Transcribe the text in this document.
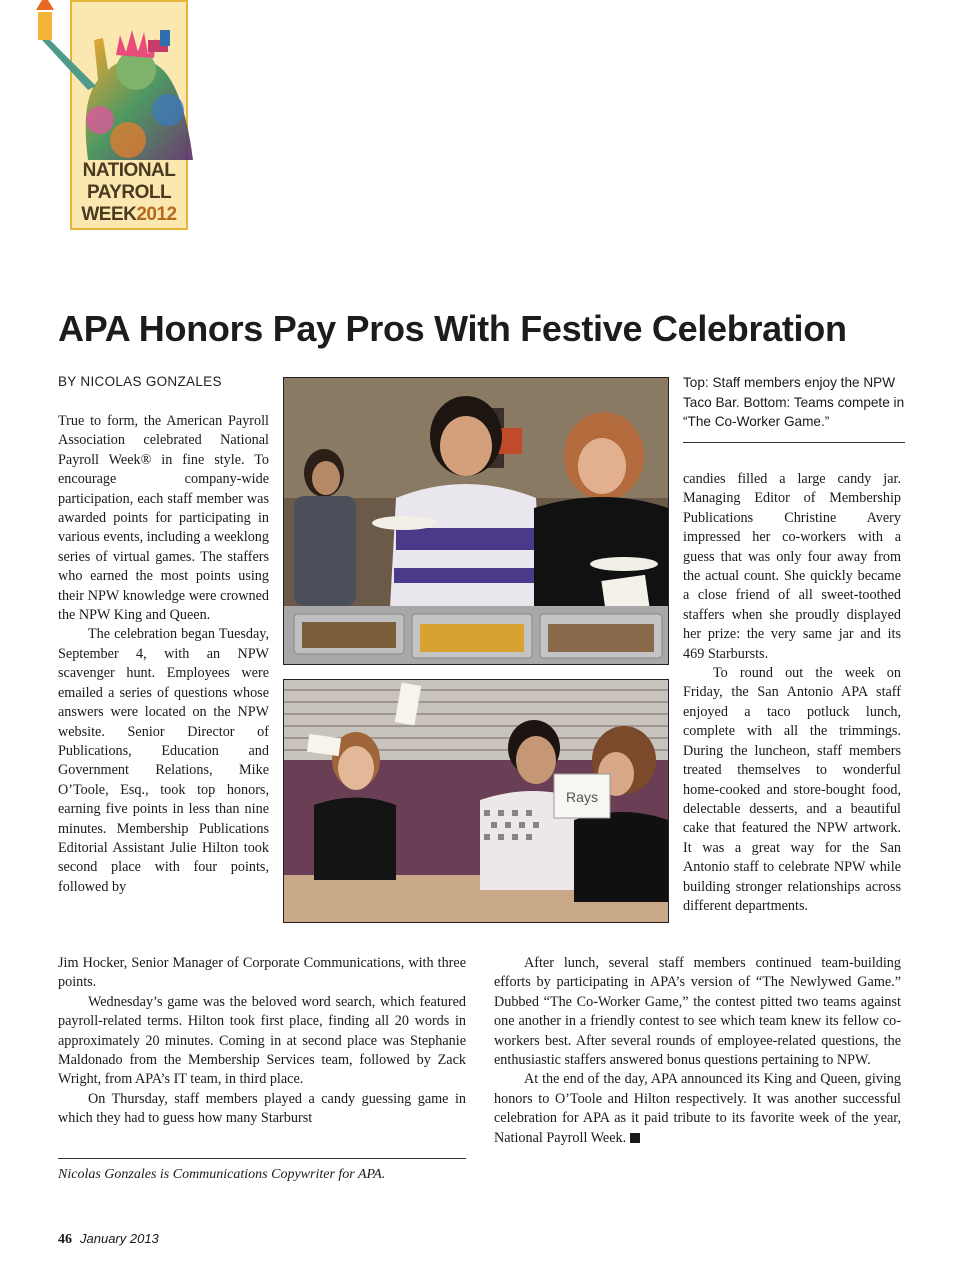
NATIONAL
PAYROLL
WEEK2012
APA Honors Pay Pros With Festive Celebration
BY NICOLAS GONZALES

True to form, the American Payroll Association celebrated National Payroll Week® in fine style. To encourage company-wide participation, each staff member was awarded points for participating in various events, including a weeklong series of virtual games. The staffers who earned the most points using their NPW knowledge were crowned the NPW King and Queen.

The celebration began Tuesday, September 4, with an NPW scavenger hunt. Employees were emailed a series of questions whose answers were located on the NPW website. Senior Director of Publications, Education and Government Relations, Mike O’Toole, Esq., took top honors, earning five points in less than nine minutes. Membership Publications Editorial Assistant Julie Hilton took second place with four points, followed by

Jim Hocker, Senior Manager of Corporate Communications, with three points.

Wednesday’s game was the beloved word search, which featured payroll-related terms. Hilton took first place, finding all 20 words in approximately 20 minutes. Coming in at second place was Stephanie Maldonado from the Membership Services team, followed by Zack Wright, from APA’s IT team, in third place.

On Thursday, staff members played a candy guessing game in which they had to guess how many Starburst

Rays
Top: Staff members enjoy the NPW Taco Bar. Bottom: Teams compete in “The Co-Worker Game.”

candies filled a large candy jar. Managing Editor of Membership Publications Christine Avery impressed her co-workers with a guess that was only four away from the actual count. She quickly became a close friend of all sweet-toothed staffers when she proudly displayed her prize: the very same jar and its 469 Starbursts.

To round out the week on Friday, the San Antonio APA staff enjoyed a taco potluck lunch, complete with all the trimmings. During the luncheon, staff members treated themselves to wonderful home-cooked and store-bought food, delectable desserts, and a beautiful cake that featured the NPW artwork. It was a great way for the San Antonio staff to celebrate NPW while building stronger relationships across different departments.

After lunch, several staff members continued team-building efforts by participating in APA’s version of “The Newlywed Game.” Dubbed “The Co-Worker Game,” the contest pitted two teams against one another in a friendly contest to see which team knew its fellow co-workers best. After several rounds of employee-related questions, the enthusiastic staffers answered bonus questions pertaining to NPW.

At the end of the day, APA announced its King and Queen, giving honors to O’Toole and Hilton respectively. It was another successful celebration for APA as it paid tribute to its favorite week of the year, National Payroll Week.

Nicolas Gonzales is Communications Copywriter for APA.
46 January 2013
